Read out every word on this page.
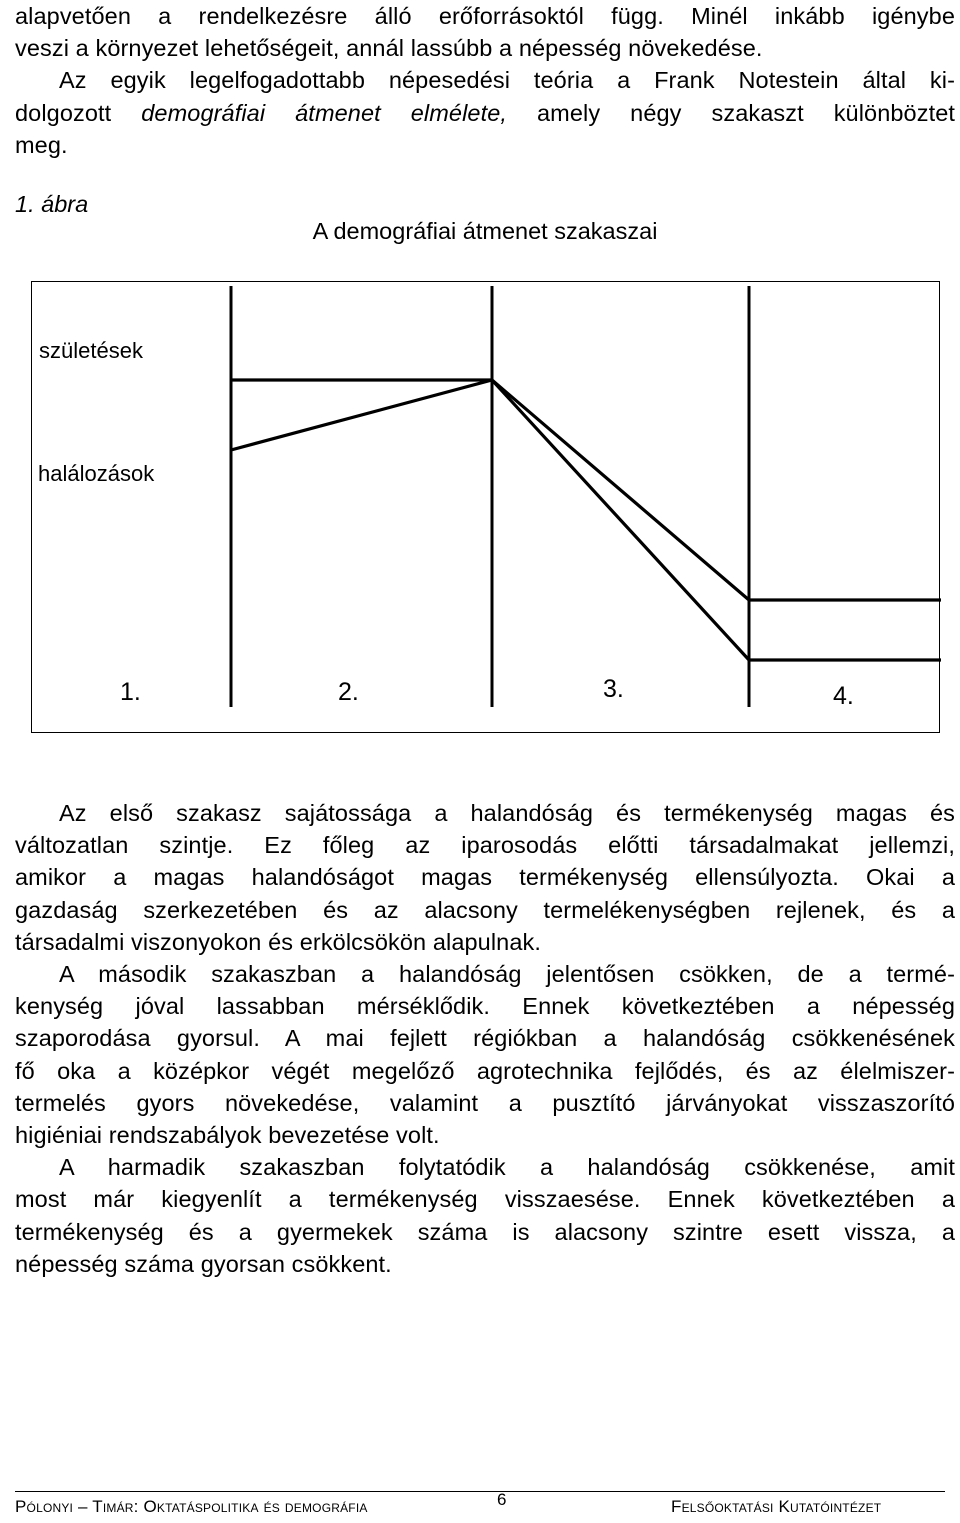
alapvetően a rendelkezésre álló erőforrásoktól függ. Minél inkább igénybe
veszi a környezet lehetőségeit, annál lassúbb a népesség növekedése.
Az egyik legelfogadottabb népesedési teória a Frank Notestein által ki-
dolgozott demográfiai átmenet elmélete, amely négy szakaszt különböztet
meg.
1. ábra
A demográfiai átmenet szakaszai
születések
halálozások
1.	2.	3.	4.
Az első szakasz sajátossága a halandóság és termékenység magas és
változatlan szintje. Ez főleg az iparosodás előtti társadalmakat jellemzi,
amikor a magas halandóságot magas termékenység ellensúlyozta. Okai a
gazdaság szerkezetében és az alacsony termelékenységben rejlenek, és a
társadalmi viszonyokon és erkölcsökön alapulnak.
A második szakaszban a halandóság jelentősen csökken, de a termé-
kenység jóval lassabban mérséklődik. Ennek következtében a népesség
szaporodása gyorsul. A mai fejlett régiókban a halandóság csökkenésének
fő oka a középkor végét megelőző agrotechnika fejlődés, és az élelmiszer-
termelés gyors növekedése, valamint a pusztító járványokat visszaszorító
higiéniai rendszabályok bevezetése volt.
A harmadik szakaszban folytatódik a halandóság csökkenése, amit
most már kiegyenlít a termékenység visszaesése. Ennek következtében a
termékenység és a gyermekek száma is alacsony szintre esett vissza, a
népesség száma gyorsan csökkent.
Pólonyi – Timár: Oktatáspolitika és demográfia	6	Felsőoktatási Kutatóintézet
